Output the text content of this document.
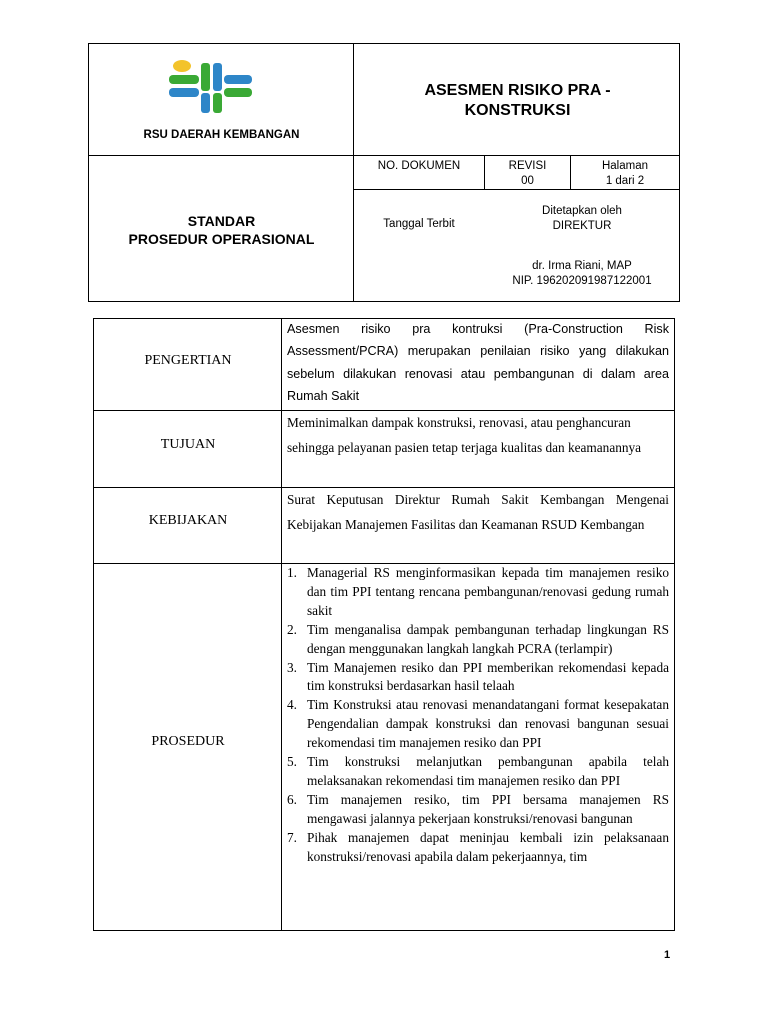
RSU DAERAH KEMBANGAN
ASESMEN RISIKO PRA -
KONSTRUKSI
STANDAR
PROSEDUR OPERASIONAL
NO. DOKUMEN	REVISI
00
Halaman
1 dari 2
Tanggal Terbit
Ditetapkan oleh
DIREKTUR
dr. Irma Riani, MAP
NIP. 196202091987122001
PENGERTIAN
Asesmen risiko pra kontruksi (Pra-Construction Risk Assessment/PCRA) merupakan penilaian risiko yang dilakukan sebelum dilakukan renovasi atau pembangunan di dalam area Rumah Sakit
TUJUAN
Meminimalkan dampak konstruksi, renovasi, atau penghancuran sehingga pelayanan pasien tetap terjaga kualitas dan keamanannya
KEBIJAKAN
Surat Keputusan Direktur Rumah Sakit Kembangan Mengenai Kebijakan Manajemen Fasilitas dan Keamanan RSUD Kembangan
PROSEDUR
1. Managerial RS menginformasikan kepada tim manajemen resiko dan tim PPI tentang rencana pembangunan/renovasi gedung rumah sakit
2. Tim menganalisa dampak pembangunan terhadap lingkungan RS dengan menggunakan langkah langkah PCRA (terlampir)
3. Tim Manajemen resiko dan PPI memberikan rekomendasi kepada tim konstruksi berdasarkan hasil telaah
4. Tim Konstruksi atau renovasi menandatangani format kesepakatan Pengendalian dampak konstruksi dan renovasi bangunan sesuai rekomendasi tim manajemen resiko dan PPI
5. Tim konstruksi melanjutkan pembangunan apabila telah melaksanakan rekomendasi tim manajemen resiko dan PPI
6. Tim manajemen resiko, tim PPI bersama manajemen RS mengawasi jalannya pekerjaan konstruksi/renovasi bangunan
7. Pihak manajemen dapat meninjau kembali izin pelaksanaan konstruksi/renovasi apabila dalam pekerjaannya, tim
1
